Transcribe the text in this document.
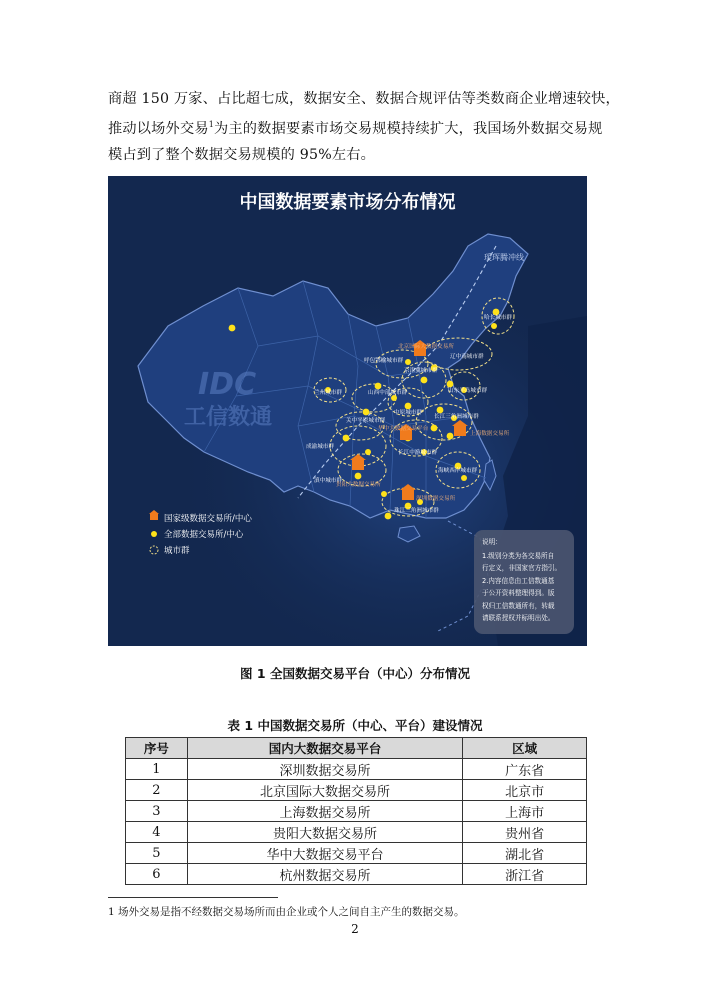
商超 150 万家、占比超七成，数据安全、数据合规评估等类数商企业增速较快，

推动以场外交易$^1$为主的数据要素市场交易规模持续扩大，我国场外数据交易规

模占到了整个数据交易规模的 95%左右。

中国数据要素市场分布情况
IDC
工信数通
瑷珲腾冲线
哈长城市群
北京国际大数据交易所
呼包鄂榆城市群
辽中南城市群
京津冀城市群
山东半岛城市群
山西中部城市群
兰州城市群
中原城市群
关中平原城市群
长江三角洲城市群
上海数据交易所
华中大数据交易平台
成渝城市群
长江中游城市群
海峡西岸城市群
滇中城市群
贵阳大数据交易所
深圳数据交易所
珠江三角洲城市群
国家级数据交易所/中心
全部数据交易所/中心
城市群
说明：
1.级别分类为各交易所自
行定义，非国家官方指引。
2.内容信息由工信数通基
于公开资料整理得到。版
权归工信数通所有，转载
请联系授权并标明出处。
图 1 全国数据交易平台（中心）分布情况
表 1 中国数据交易所（中心、平台）建设情况
序号	国内大数据交易平台	区域
1	深圳数据交易所	广东省
2	北京国际大数据交易所	北京市
3	上海数据交易所	上海市
4	贵阳大数据交易所	贵州省
5	华中大数据交易平台	湖北省
6	杭州数据交易所	浙江省
1 场外交易是指不经数据交易场所而由企业或个人之间自主产生的数据交易。
2
